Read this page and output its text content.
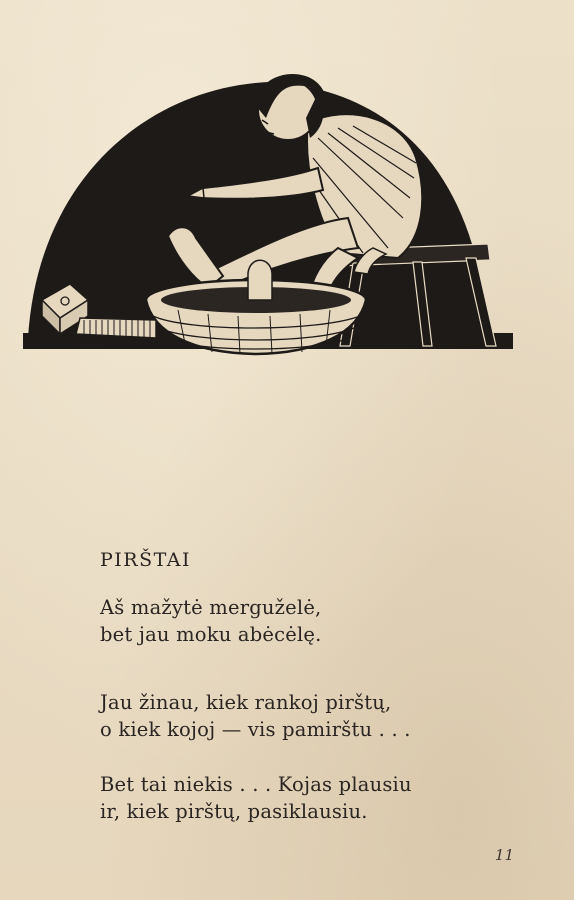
PIRŠTAI

Aš mažytė merguželė,
bet jau moku abėcėlę.

Jau žinau, kiek rankoj pirštų,
o kiek kojoj — vis pamirštu . . .

Bet tai niekis . . . Kojas plausiu
ir, kiek pirštų, pasiklausiu.

11
